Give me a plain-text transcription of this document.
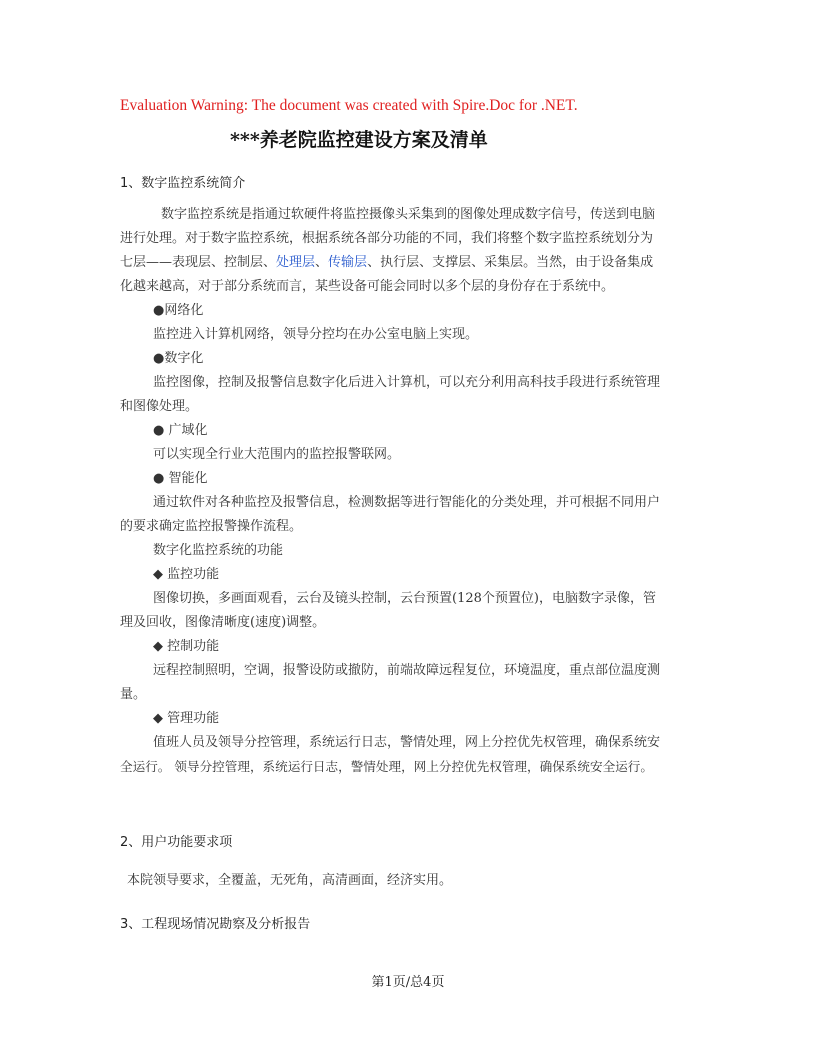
Evaluation Warning: The document was created with Spire.Doc for .NET.
***养老院监控建设方案及清单
1、数字监控系统简介
数字监控系统是指通过软硬件将监控摄像头采集到的图像处理成数字信号，传送到电脑
进行处理。对于数字监控系统，根据系统各部分功能的不同，我们将整个数字监控系统划分为
七层——表现层、控制层、处理层、传输层、执行层、支撑层、采集层。当然，由于设备集成
化越来越高，对于部分系统而言，某些设备可能会同时以多个层的身份存在于系统中。
●网络化
监控进入计算机网络，领导分控均在办公室电脑上实现。
●数字化
监控图像，控制及报警信息数字化后进入计算机，可以充分利用高科技手段进行系统管理
和图像处理。
● 广域化
可以实现全行业大范围内的监控报警联网。
● 智能化
通过软件对各种监控及报警信息，检测数据等进行智能化的分类处理，并可根据不同用户
的要求确定监控报警操作流程。
数字化监控系统的功能
◆ 监控功能
图像切换，多画面观看，云台及镜头控制，云台预置(128个预置位)，电脑数字录像，管
理及回收，图像清晰度(速度)调整。
◆ 控制功能
远程控制照明，空调，报警设防或撤防，前端故障远程复位，环境温度，重点部位温度测
量。
◆ 管理功能
值班人员及领导分控管理，系统运行日志，警情处理，网上分控优先权管理，确保系统安
全运行。 领导分控管理，系统运行日志，警情处理，网上分控优先权管理，确保系统安全运行。
2、用户功能要求项
本院领导要求，全覆盖，无死角，高清画面，经济实用。
3、工程现场情况勘察及分析报告
第1页/总4页
